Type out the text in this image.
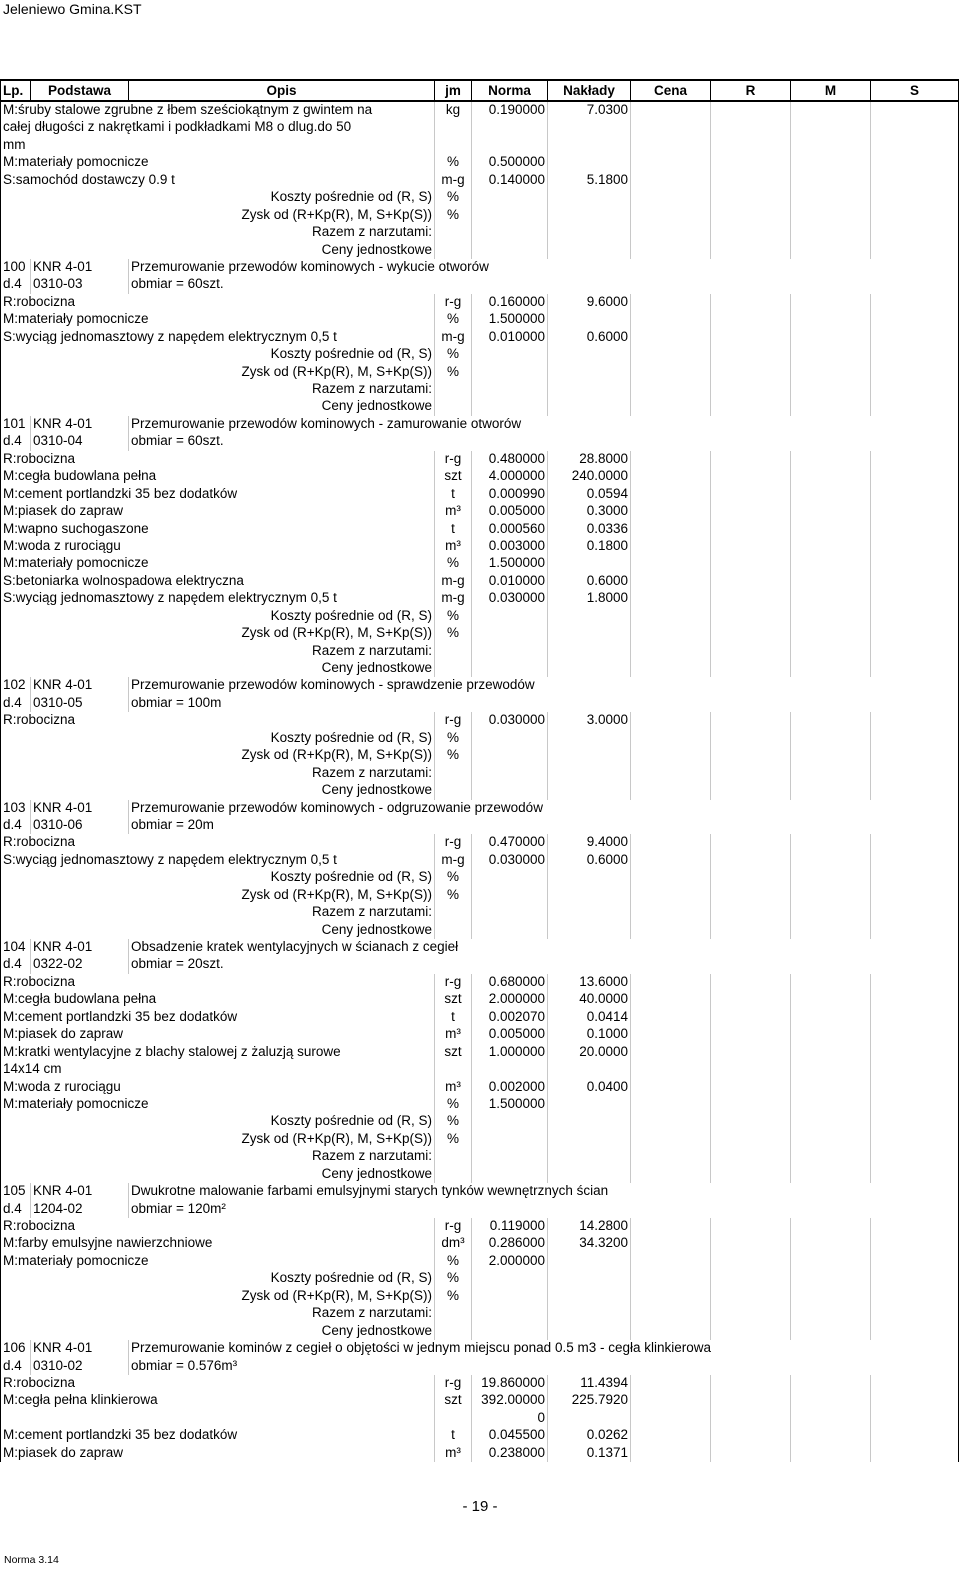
Jeleniewo Gmina.KST
Lp.	Podstawa	Opis	jm	Norma	Nakłady	Cena	R	M	S
M:śruby stalowe zgrubne z łbem sześciokątnym z gwintem na			kg	0.190000	7.0300				
całej długości z nakrętkami i podkładkami M8 o dlug.do 50									
mm									
M:materiały pomocnicze			%	0.500000					
S:samochód dostawczy 0.9 t			m-g	0.140000	5.1800				
Koszty pośrednie od (R, S)			%						
Zysk od (R+Kp(R), M, S+Kp(S))			%						
Razem z narzutami:									
Ceny jednostkowe									
100	KNR 4-01	Przemurowanie przewodów kominowych - wykucie otworów							
d.4	0310-03	obmiar = 60szt.							
R:robocizna			r-g	0.160000	9.6000				
M:materiały pomocnicze			%	1.500000					
S:wyciąg jednomasztowy z napędem elektrycznym 0,5 t			m-g	0.010000	0.6000				
Koszty pośrednie od (R, S)			%						
Zysk od (R+Kp(R), M, S+Kp(S))			%						
Razem z narzutami:									
Ceny jednostkowe									
101	KNR 4-01	Przemurowanie przewodów kominowych - zamurowanie otworów							
d.4	0310-04	obmiar = 60szt.							
R:robocizna			r-g	0.480000	28.8000				
M:cegła budowlana pełna			szt	4.000000	240.0000				
M:cement portlandzki 35 bez dodatków			t	0.000990	0.0594				
M:piasek do zapraw			m³	0.005000	0.3000				
M:wapno suchogaszone			t	0.000560	0.0336				
M:woda z rurociągu			m³	0.003000	0.1800				
M:materiały pomocnicze			%	1.500000					
S:betoniarka wolnospadowa elektryczna			m-g	0.010000	0.6000				
S:wyciąg jednomasztowy z napędem elektrycznym 0,5 t			m-g	0.030000	1.8000				
Koszty pośrednie od (R, S)			%						
Zysk od (R+Kp(R), M, S+Kp(S))			%						
Razem z narzutami:									
Ceny jednostkowe									
102	KNR 4-01	Przemurowanie przewodów kominowych - sprawdzenie przewodów							
d.4	0310-05	obmiar = 100m							
R:robocizna			r-g	0.030000	3.0000				
Koszty pośrednie od (R, S)			%						
Zysk od (R+Kp(R), M, S+Kp(S))			%						
Razem z narzutami:									
Ceny jednostkowe									
103	KNR 4-01	Przemurowanie przewodów kominowych - odgruzowanie przewodów							
d.4	0310-06	obmiar = 20m							
R:robocizna			r-g	0.470000	9.4000				
S:wyciąg jednomasztowy z napędem elektrycznym 0,5 t			m-g	0.030000	0.6000				
Koszty pośrednie od (R, S)			%						
Zysk od (R+Kp(R), M, S+Kp(S))			%						
Razem z narzutami:									
Ceny jednostkowe									
104	KNR 4-01	Obsadzenie kratek wentylacyjnych w ścianach z cegieł							
d.4	0322-02	obmiar = 20szt.							
R:robocizna			r-g	0.680000	13.6000				
M:cegła budowlana pełna			szt	2.000000	40.0000				
M:cement portlandzki 35 bez dodatków			t	0.002070	0.0414				
M:piasek do zapraw			m³	0.005000	0.1000				
M:kratki wentylacyjne z blachy stalowej z żaluzją surowe			szt	1.000000	20.0000				
14x14 cm									
M:woda z rurociągu			m³	0.002000	0.0400				
M:materiały pomocnicze			%	1.500000					
Koszty pośrednie od (R, S)			%						
Zysk od (R+Kp(R), M, S+Kp(S))			%						
Razem z narzutami:									
Ceny jednostkowe									
105	KNR 4-01	Dwukrotne malowanie farbami emulsyjnymi starych tynków wewnętrznych ścian							
d.4	1204-02	obmiar = 120m²							
R:robocizna			r-g	0.119000	14.2800				
M:farby emulsyjne nawierzchniowe			dm³	0.286000	34.3200				
M:materiały pomocnicze			%	2.000000					
Koszty pośrednie od (R, S)			%						
Zysk od (R+Kp(R), M, S+Kp(S))			%						
Razem z narzutami:									
Ceny jednostkowe									
106	KNR 4-01	Przemurowanie kominów z cegieł o objętości w jednym miejscu ponad 0.5 m3 - cegła klinkierowa							
d.4	0310-02	obmiar = 0.576m³							
R:robocizna			r-g	19.860000	11.4394				
M:cegła pełna klinkierowa			szt	392.00000	225.7920				
				0					
M:cement portlandzki 35 bez dodatków			t	0.045500	0.0262				
M:piasek do zapraw			m³	0.238000	0.1371				
- 19 -
Norma 3.14
